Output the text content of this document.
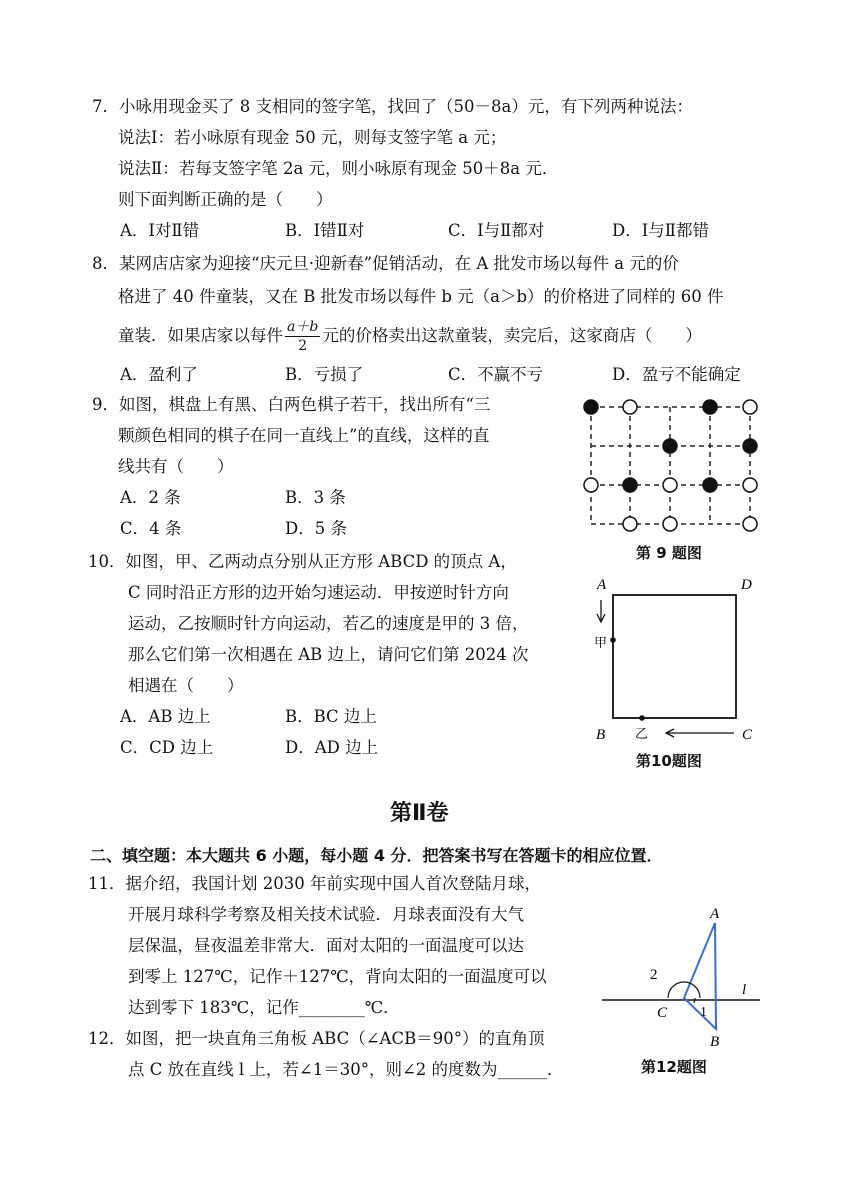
7．小咏用现金买了 8 支相同的签字笔，找回了（50－8a）元，有下列两种说法：
说法Ⅰ：若小咏原有现金 50 元，则每支签字笔 a 元；
说法Ⅱ：若每支签字笔 2a 元，则小咏原有现金 50＋8a 元．
则下面判断正确的是（　　）
A．Ⅰ对Ⅱ错	B．Ⅰ错Ⅱ对	C．Ⅰ与Ⅱ都对	D．Ⅰ与Ⅱ都错
8．某网店店家为迎接“庆元旦·迎新春”促销活动，在 A 批发市场以每件 a 元的价
格进了 40 件童装，又在 B 批发市场以每件 b 元（a＞b）的价格进了同样的 60 件
童装．如果店家以每件 $\frac{a+b}{2}$ 元的价格卖出这款童装，卖完后，这家商店（　　）
A．盈利了	B．亏损了	C．不赢不亏	D．盈亏不能确定
9．如图，棋盘上有黑、白两色棋子若干，找出所有“三
颗颜色相同的棋子在同一直线上”的直线，这样的直
线共有（　　）
A．2 条	B．3 条
C．4 条	D．5 条
第 9 题图
10．如图，甲、乙两动点分别从正方形 ABCD 的顶点 A，
C 同时沿正方形的边开始匀速运动．甲按逆时针方向
运动，乙按顺时针方向运动，若乙的速度是甲的 3 倍，
那么它们第一次相遇在 AB 边上，请问它们第 2024 次
相遇在（　　）
A．AB 边上	B．BC 边上
C．CD 边上	D．AD 边上
A	D
B	C
甲
乙
第10题图
第Ⅱ卷
二、填空题：本大题共 6 小题，每小题 4 分．把答案书写在答题卡的相应位置．
11．据介绍，我国计划 2030 年前实现中国人首次登陆月球，
开展月球科学考察及相关技术试验．月球表面没有大气
层保温，昼夜温差非常大．面对太阳的一面温度可以达
到零上 127℃，记作＋127℃，背向太阳的一面温度可以
达到零下 183℃，记作________℃．
12．如图，把一块直角三角板 ABC（∠ACB＝90°）的直角顶
点 C 放在直线 l 上，若∠1＝30°，则∠2 的度数为______．
A
C
B
l
2
1
第12题图
